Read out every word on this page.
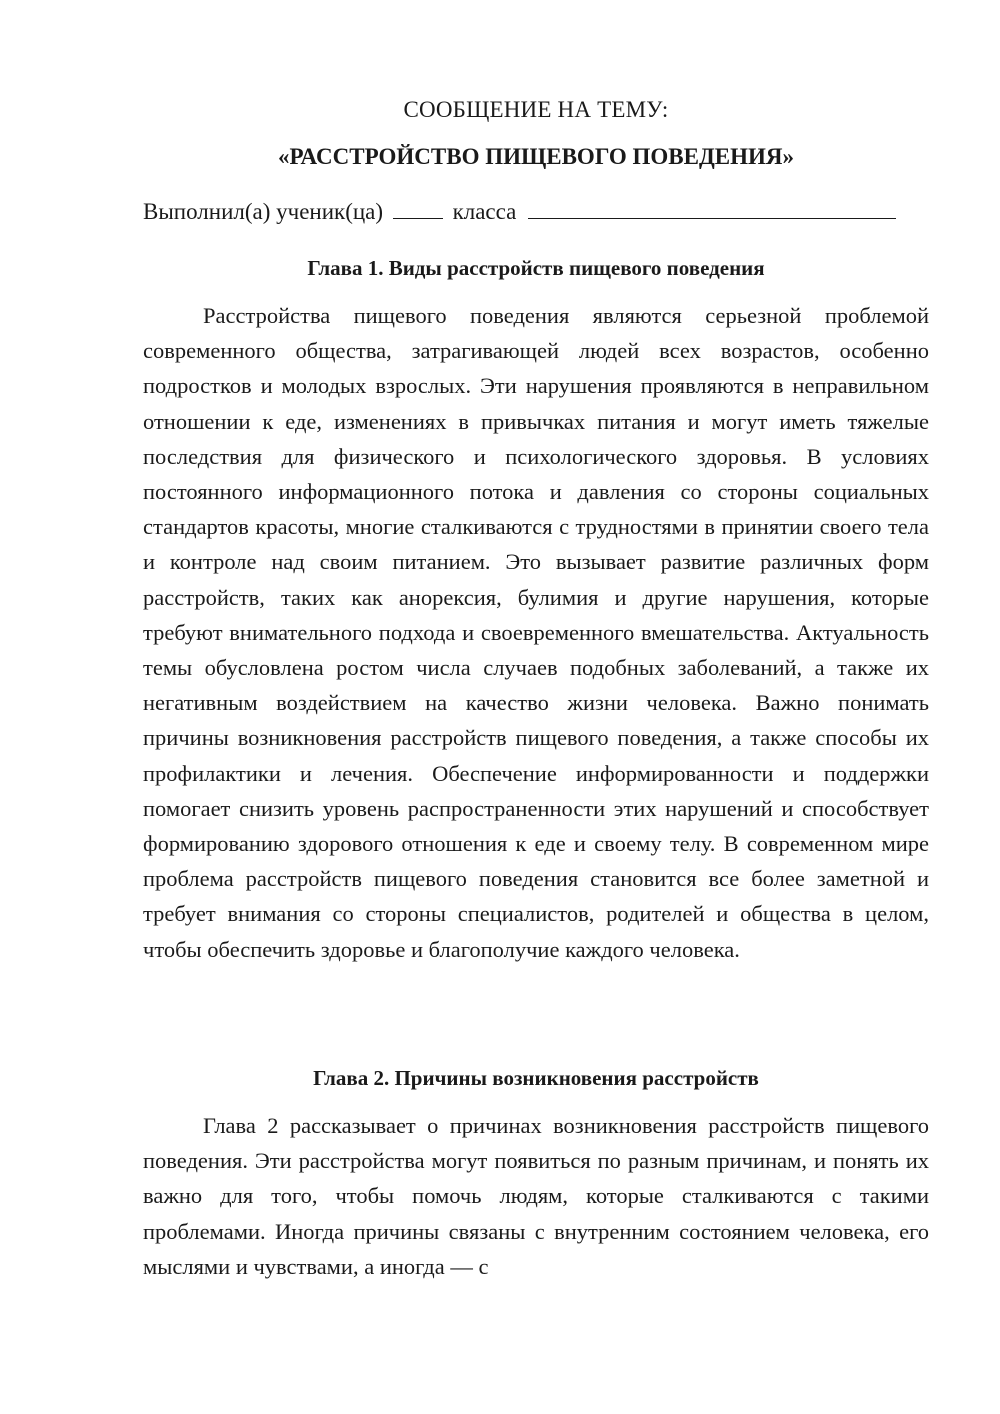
СООБЩЕНИЕ НА ТЕМУ:
«РАССТРОЙСТВО ПИЩЕВОГО ПОВЕДЕНИЯ»
Выполнил(а) ученик(ца)	класса
Глава 1. Виды расстройств пищевого поведения

Расстройства пищевого поведения являются серьезной проблемой современного общества, затрагивающей людей всех возрастов, особенно подростков и молодых взрослых. Эти нарушения проявляются в неправильном отношении к еде, изменениях в привычках питания и могут иметь тяжелые последствия для физического и психологического здоровья. В условиях постоянного информационного потока и давления со стороны социальных стандартов красоты, многие сталкиваются с трудностями в принятии своего тела и контроле над своим питанием. Это вызывает развитие различных форм расстройств, таких как анорексия, булимия и другие нарушения, которые требуют внимательного подхода и своевременного вмешательства. Актуальность темы обусловлена ростом числа случаев подобных заболеваний, а также их негативным воздействием на качество жизни человека. Важно понимать причины возникновения расстройств пищевого поведения, а также способы их профилактики и лечения. Обеспечение информированности и поддержки помогает снизить уровень распространенности этих нарушений и способствует формированию здорового отношения к еде и своему телу. В современном мире проблема расстройств пищевого поведения становится все более заметной и требует внимания со стороны специалистов, родителей и общества в целом, чтобы обеспечить здоровье и благополучие каждого человека.

Глава 2. Причины возникновения расстройств

Глава 2 рассказывает о причинах возникновения расстройств пищевого поведения. Эти расстройства могут появиться по разным причинам, и понять их важно для того, чтобы помочь людям, которые сталкиваются с такими проблемами. Иногда причины связаны с внутренним состоянием человека, его мыслями и чувствами, а иногда — с
